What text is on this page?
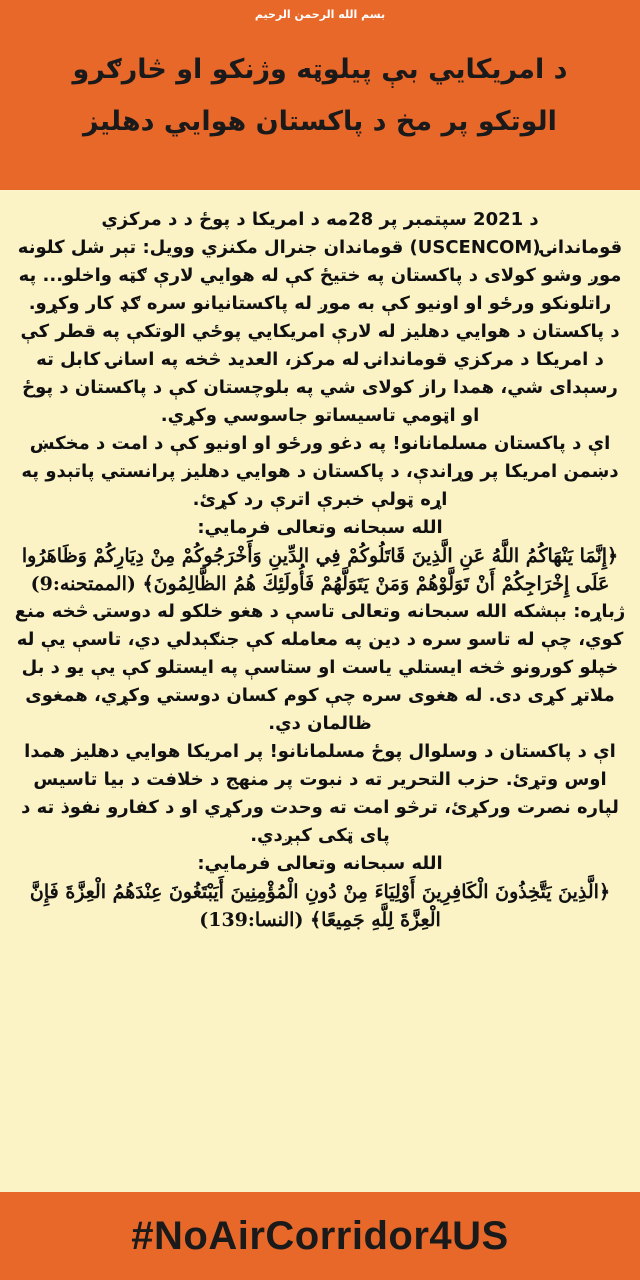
بسم الله الرحمن الرحيم
د امريکايي بې پيلوټه وژنکو او څارګرو
الوتکو پر مخ د پاکستان هوايي دهليز

د 2021 سپتمبر پر 28مه د امريکا د پوځ د د مرکزي قوماندانۍ(USCENCOM) قوماندان جنرال مکنزي وويل: تېر شل کلونه موږ وشو کولای د پاکستان په ختيځ کې له هوايي لارې ګټه واخلو... په راتلونکو ورځو او اونيو کې به موږ له پاکستانيانو سره ګډ کار وکړو.

د پاکستان د هوايي دهليز له لارې امريکايي پوځي الوتکې په قطر کې د امريکا د مرکزي قوماندانۍ له مرکز، العديد څخه په اسانۍ کابل ته رسېدای شي، همدا راز کولای شي په بلوچستان کې د پاکستان د پوځ او اټومي تاسيساتو جاسوسي وکړي.

اې د پاکستان مسلمانانو! په دغو ورځو او اونيو کې د امت د مخکښ دښمن امريکا پر وړاندې، د پاکستان د هوايي دهليز پرانستي پاتېدو په اړه ټولې خبرې اترې رد کړئ.

الله سبحانه وتعالى فرمايي:

﴿إِنَّمَا يَنْهَاكُمُ اللَّهُ عَنِ الَّذِينَ قَاتَلُوكُمْ فِي الدِّينِ وَأَخْرَجُوكُمْ مِنْ دِيَارِكُمْ وَظَاهَرُوا عَلَى إِخْرَاجِكُمْ أَنْ تَوَلَّوْهُمْ وَمَنْ يَتَوَلَّهُمْ فَأُولَئِكَ هُمُ الظَّالِمُونَ﴾ (الممتحنه:9)

ژباړه: بېشکه الله سبحانه وتعالى تاسې د هغو خلکو له دوستۍ څخه منع کوي، چې له تاسو سره د دين په معامله کې جنګېدلي دي، تاسې يې له خپلو کورونو څخه ايستلي ياست او ستاسې په ايستلو کې يې يو د بل ملاتړ کړی دی. له هغوی سره چې کوم کسان دوستي وکړي، همغوی ظالمان دي.

اې د پاکستان د وسلوال پوځ مسلمانانو! پر امريکا هوايي دهليز همدا اوس وتړئ. حزب التحرير ته د نبوت پر منهج د خلافت د بيا تاسيس لپاره نصرت ورکړئ، ترڅو امت ته وحدت ورکړي او د کفارو نفوذ ته د پای ټکی کېږدي.

الله سبحانه وتعالى فرمايي:

﴿الَّذِينَ يَتَّخِذُونَ الْكَافِرِينَ أَوْلِيَاءَ مِنْ دُونِ الْمُؤْمِنِينَ أَيَبْتَغُونَ عِنْدَهُمُ الْعِزَّةَ فَإِنَّ الْعِزَّةَ لِلَّهِ جَمِيعًا﴾ (النسا:139)

#NoAirCorridor4US
